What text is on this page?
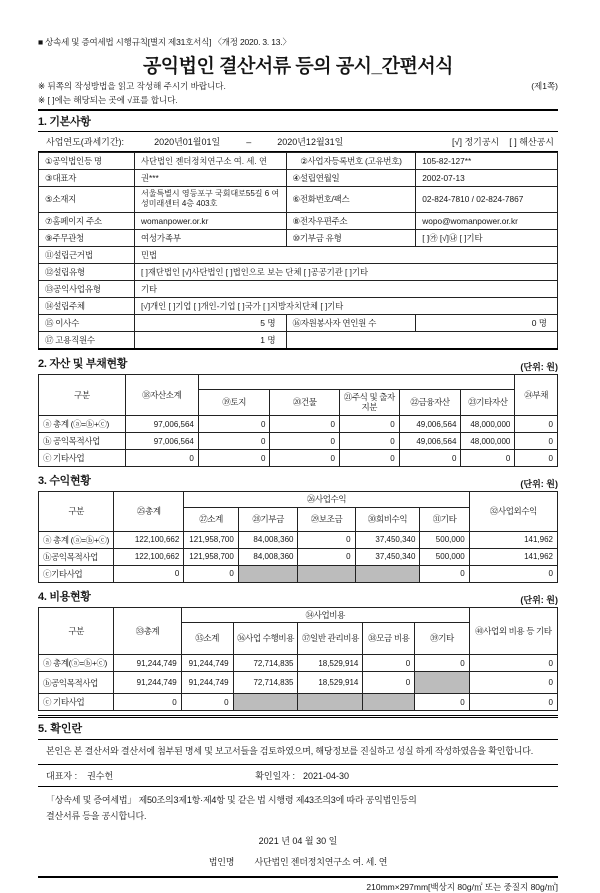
■ 상속세 및 증여세법 시행규칙[별지 제31호서식] 〈개정 2020. 3. 13.〉
공익법인 결산서류 등의 공시_간편서식
※ 뒤쪽의 작성방법을 읽고 작성해 주시기 바랍니다.	(제1쪽)
※ [ ]에는 해당되는 곳에 √표를 합니다.
1. 기본사항
사업연도(과세기간):	2020년01월01일	–	2020년12월31일	[√] 정기공시 [ ] 해산공시
①공익법인등 명	사단법인 젠더정치연구소 여. 세. 연	②사업자등록번호 (고유번호)	105-82-127**
③대표자	권***	④설립연월일	2002-07-13
⑤소재지	서울특별시 영등포구 국회대로55길 6 여성미래센터 4층 403호	⑥전화번호/팩스	02-824-7810 / 02-824-7867
⑦홈페이지 주소	womanpower.or.kr	⑧전자우편주소	wopo@womanpower.or.kr
⑨주무관청	여성가족부	⑩기부금 유형	[ ]㉮ [√]㉯ [ ]기타
⑪설립근거법	민법		
⑫설립유형	[ ]재단법인 [√]사단법인 [ ]법인으로 보는 단체 [ ]공공기관 [ ]기타		
⑬공익사업유형	기타		
⑭설립주체	[√]개인 [ ]기업 [ ]개인-기업 [ ]국가 [ ]지방자치단체 [ ]기타		
⑮ 이사수	5 명	⑯자원봉사자 연인원 수	0 명
⑰ 고용직원수	1 명		
2. 자산 및 부채현황	(단위: 원)
구분	⑱자산소계						㉔부채
		⑲토지	⑳건물	㉑주식 및 출자지분	㉒금융자산	㉓기타자산	
ⓐ 총계 (ⓐ=ⓑ+ⓒ)	97,006,564	0	0	0	49,006,564	48,000,000	0
ⓑ 공익목적사업	97,006,564	0	0	0	49,006,564	48,000,000	0
ⓒ 기타사업	0	0	0	0	0	0	0
3. 수익현황	(단위: 원)
구분	㉕총계	㉖사업수익					㉜사업외수익
		㉗소계	㉘기부금	㉙보조금	㉚회비수익	㉛기타	
ⓐ 총계 (ⓐ=ⓑ+ⓒ)	122,100,662	121,958,700	84,008,360	0	37,450,340	500,000	141,962
ⓑ공익목적사업	122,100,662	121,958,700	84,008,360	0	37,450,340	500,000	141,962
ⓒ기타사업	0	0				0	0
4. 비용현황	(단위: 원)
구분	㉝총계	㉞사업비용					㊵사업외 비용 등 기타
		㉟소계	㊱사업 수행비용	㊲일반 관리비용	㊳모금 비용	㊴기타	
ⓐ 총계(ⓐ=ⓑ+ⓒ)	91,244,749	91,244,749	72,714,835	18,529,914	0	0	0
ⓑ공익목적사업	91,244,749	91,244,749	72,714,835	18,529,914	0		0
ⓒ 기타사업	0	0				0	0
5. 확인란
본인은 본 결산서와 결산서에 첨부된 명세 및 보고서들을 검토하였으며, 해당정보를 진실하고 성실 하게 작성하였음을 확인합니다.
대표자 : 권수헌	확인일자 : 2021-04-30
「상속세 및 증여세법」 제50조의3제1항·제4항 및 같은 법 시행령 제43조의3에 따라 공익법인등의
결산서류 등을 공시합니다.
2021 년 04 월 30 일
법인명 사단법인 젠더정치연구소 여. 세. 연
210mm×297mm[백상지 80g/㎡ 또는 중질지 80g/㎡]
